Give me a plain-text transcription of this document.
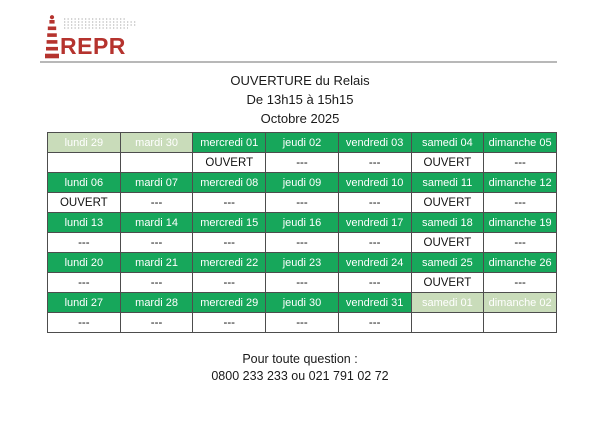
REPR
OUVERTURE du Relais
De 13h15 à 15h15
Octobre 2025
lundi 29	mardi 30	mercredi 01	jeudi 02	vendredi 03	samedi 04	dimanche 05
		OUVERT	---	---	OUVERT	---
lundi 06	mardi 07	mercredi 08	jeudi 09	vendredi 10	samedi 11	dimanche 12
OUVERT	---	---	---	---	OUVERT	---
lundi 13	mardi 14	mercredi 15	jeudi 16	vendredi 17	samedi 18	dimanche 19
---	---	---	---	---	OUVERT	---
lundi 20	mardi 21	mercredi 22	jeudi 23	vendredi 24	samedi 25	dimanche 26
---	---	---	---	---	OUVERT	---
lundi 27	mardi 28	mercredi 29	jeudi 30	vendredi 31	samedi 01	dimanche 02
---	---	---	---	---		
Pour toute question :
0800 233 233 ou 021 791 02 72
